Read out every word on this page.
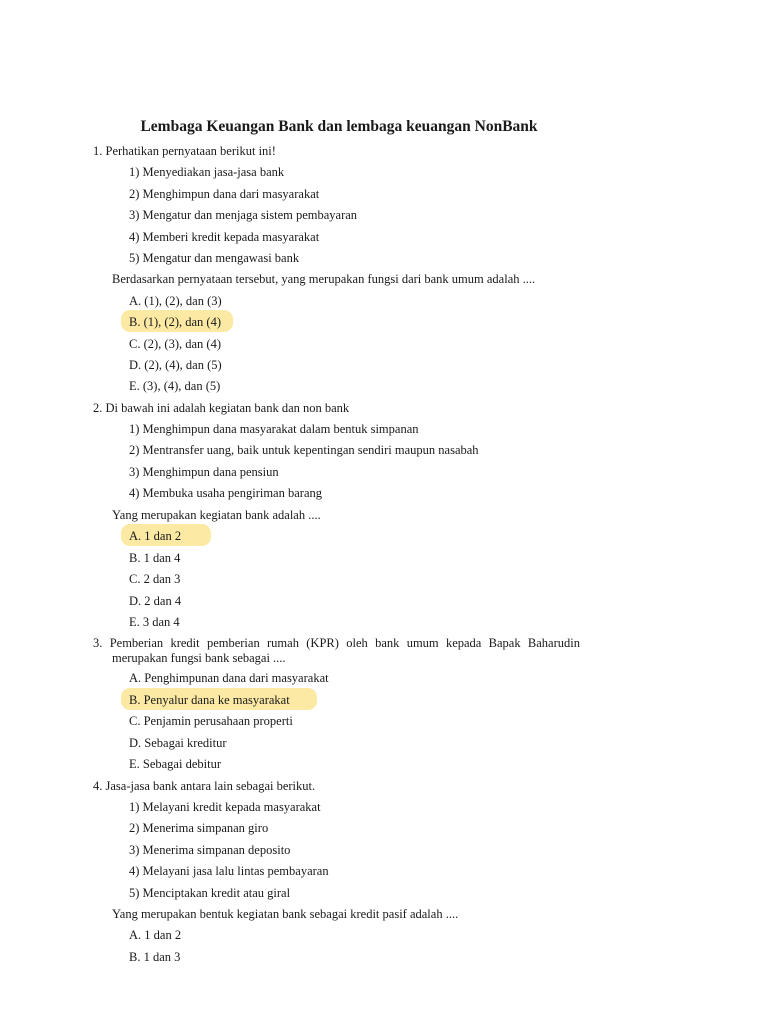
Lembaga Keuangan Bank dan lembaga keuangan NonBank
1. Perhatikan pernyataan berikut ini!
1) Menyediakan jasa-jasa bank
2) Menghimpun dana dari masyarakat
3) Mengatur dan menjaga sistem pembayaran
4) Memberi kredit kepada masyarakat
5) Mengatur dan mengawasi bank
Berdasarkan pernyataan tersebut, yang merupakan fungsi dari bank umum adalah ....
A. (1), (2), dan (3)
B. (1), (2), dan (4)
C. (2), (3), dan (4)
D. (2), (4), dan (5)
E. (3), (4), dan (5)
2. Di bawah ini adalah kegiatan bank dan non bank
1) Menghimpun dana masyarakat dalam bentuk simpanan
2) Mentransfer uang, baik untuk kepentingan sendiri maupun nasabah
3) Menghimpun dana pensiun
4) Membuka usaha pengiriman barang
Yang merupakan kegiatan bank adalah ....
A. 1 dan 2
B. 1 dan 4
C. 2 dan 3
D. 2 dan 4
E. 3 dan 4
3. Pemberian kredit pemberian rumah (KPR) oleh bank umum kepada Bapak Baharudin
merupakan fungsi bank sebagai ....
A. Penghimpunan dana dari masyarakat
B. Penyalur dana ke masyarakat
C. Penjamin perusahaan properti
D. Sebagai kreditur
E. Sebagai debitur
4. Jasa-jasa bank antara lain sebagai berikut.
1) Melayani kredit kepada masyarakat
2) Menerima simpanan giro
3) Menerima simpanan deposito
4) Melayani jasa lalu lintas pembayaran
5) Menciptakan kredit atau giral
Yang merupakan bentuk kegiatan bank sebagai kredit pasif adalah ....
A. 1 dan 2
B. 1 dan 3
